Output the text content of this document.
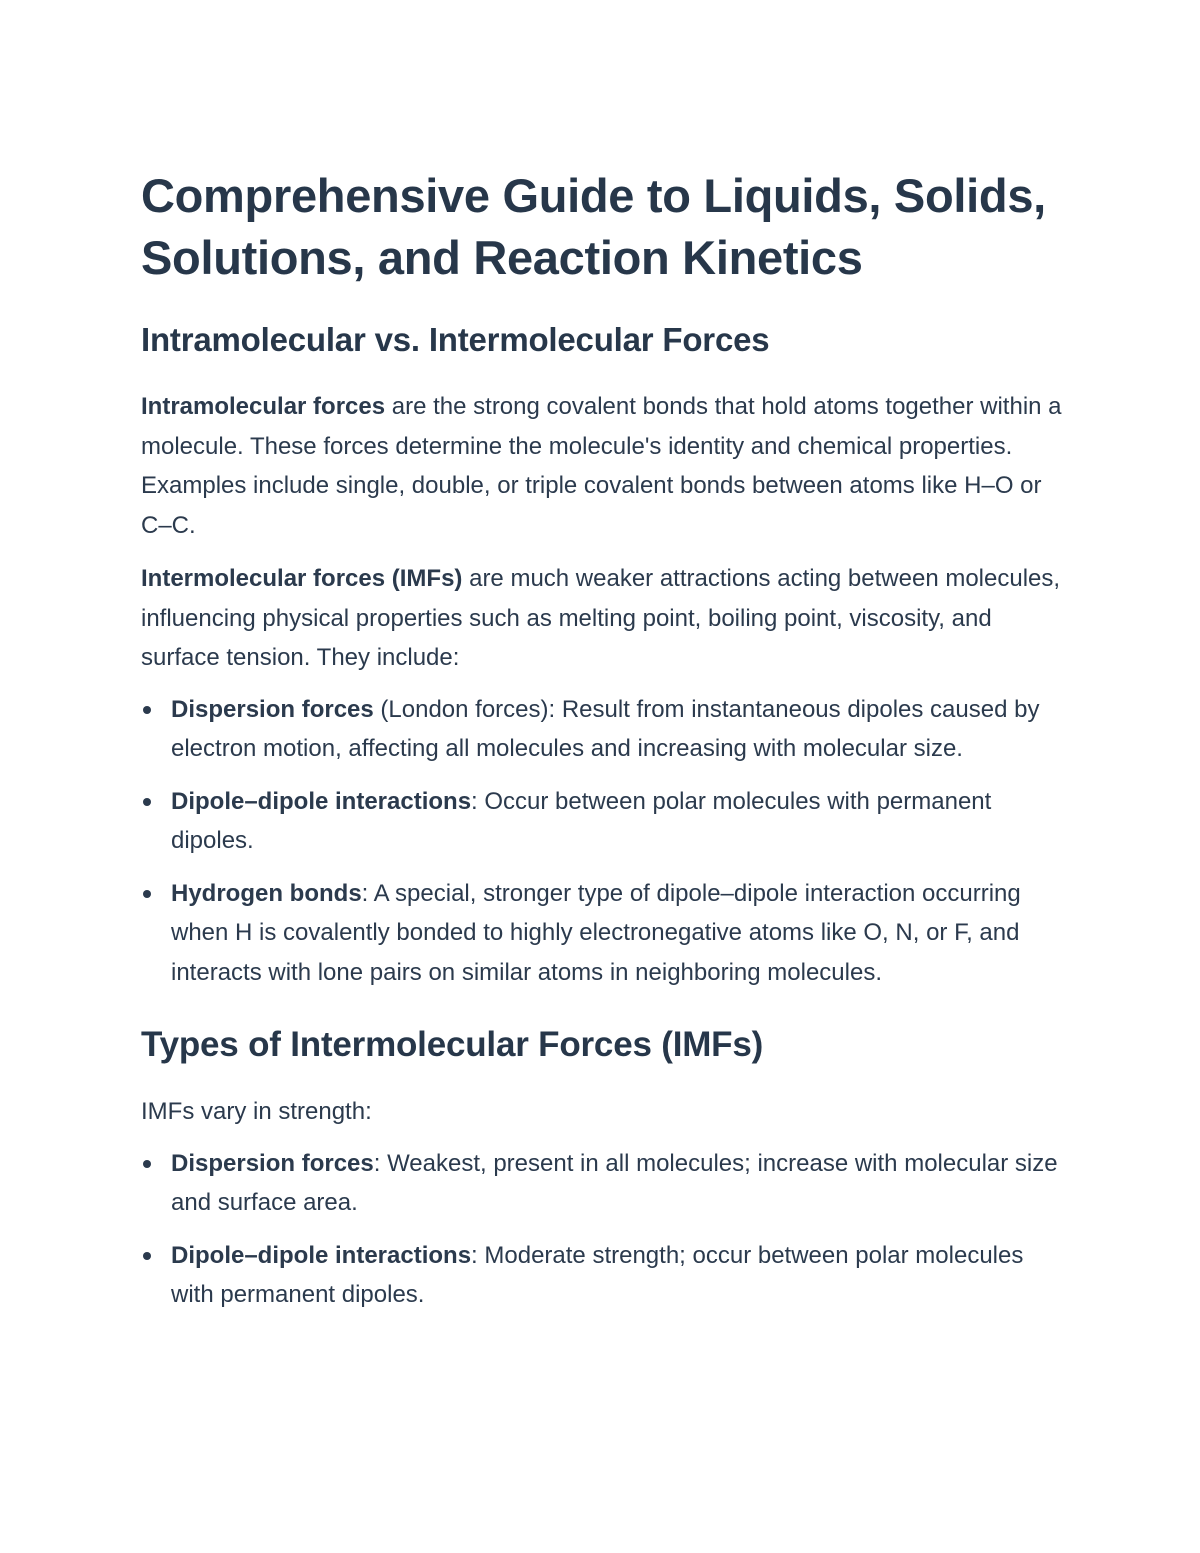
Comprehensive Guide to Liquids, Solids, Solutions, and Reaction Kinetics
Intramolecular vs. Intermolecular Forces

Intramolecular forces are the strong covalent bonds that hold atoms together within a molecule. These forces determine the molecule's identity and chemical properties. Examples include single, double, or triple covalent bonds between atoms like H–O or C–C.

Intermolecular forces (IMFs) are much weaker attractions acting between molecules, influencing physical properties such as melting point, boiling point, viscosity, and surface tension. They include:

Dispersion forces (London forces): Result from instantaneous dipoles caused by electron motion, affecting all molecules and increasing with molecular size.
Dipole–dipole interactions: Occur between polar molecules with permanent dipoles.
Hydrogen bonds: A special, stronger type of dipole–dipole interaction occurring when H is covalently bonded to highly electronegative atoms like O, N, or F, and interacts with lone pairs on similar atoms in neighboring molecules.
Types of Intermolecular Forces (IMFs)

IMFs vary in strength:

Dispersion forces: Weakest, present in all molecules; increase with molecular size and surface area.
Dipole–dipole interactions: Moderate strength; occur between polar molecules with permanent dipoles.
